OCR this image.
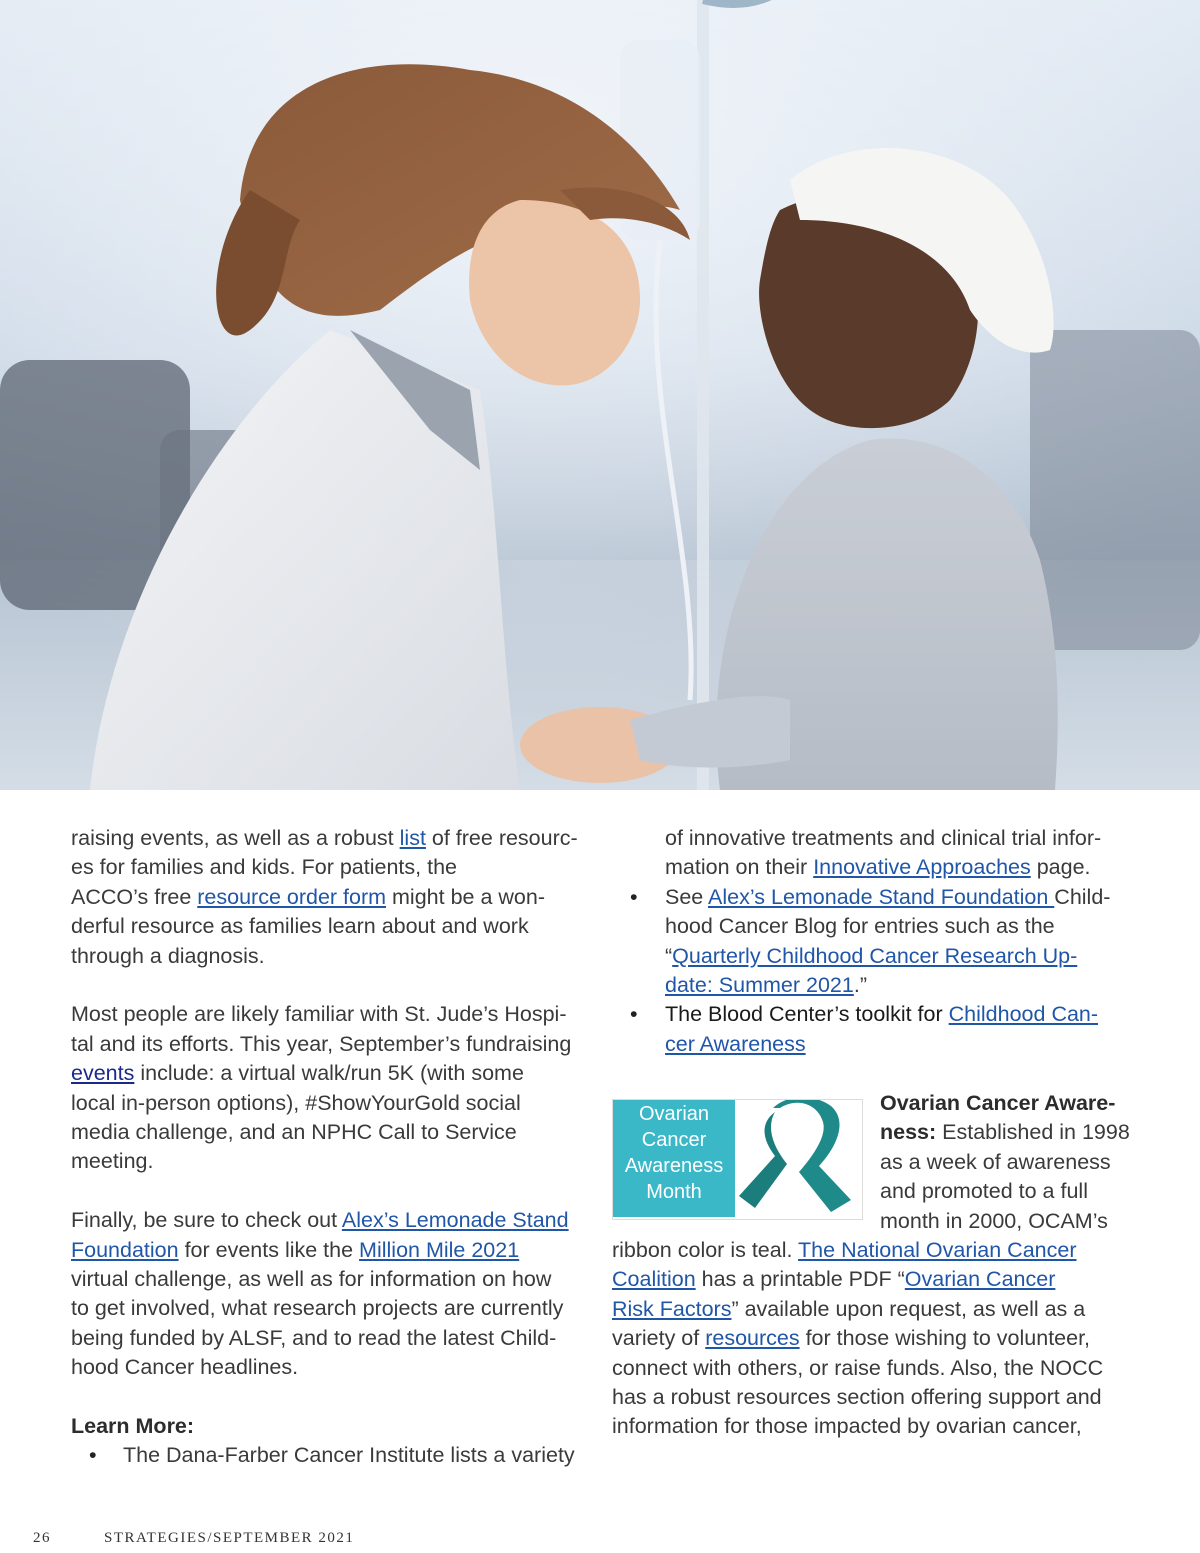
raising events, as well as a robust list of free resourc-
es for families and kids. For patients, the
ACCO’s free resource order form might be a won-
derful resource as families learn about and work
through a diagnosis.

Most people are likely familiar with St. Jude’s Hospi-
tal and its efforts. This year, September’s fundraising
events include: a virtual walk/run 5K (with some
local in-person options), #ShowYourGold social
media challenge, and an NPHC Call to Service
meeting.

Finally, be sure to check out Alex’s Lemonade Stand
Foundation for events like the Million Mile 2021
virtual challenge, as well as for information on how
to get involved, what research projects are currently
being funded by ALSF, and to read the latest Child-
hood Cancer headlines.

Learn More:
• The Dana-Farber Cancer Institute lists a variety

of innovative treatments and clinical trial infor-
mation on their Innovative Approaches page.
• See Alex’s Lemonade Stand Foundation Child-
hood Cancer Blog for entries such as the
“Quarterly Childhood Cancer Research Up-
date: Summer 2021.”
• The Blood Center’s toolkit for Childhood Can-
cer Awareness
Ovarian Cancer Aware-
ness: Established in 1998
as a week of awareness
and promoted to a full
month in 2000, OCAM’s
ribbon color is teal. The National Ovarian Cancer
Coalition has a printable PDF “Ovarian Cancer
Risk Factors” available upon request, as well as a
variety of resources for those wishing to volunteer,
connect with others, or raise funds. Also, the NOCC
has a robust resources section offering support and
information for those impacted by ovarian cancer,
+	Ovarian
Cancer
Awareness
Month
26	STRATEGIES/SEPTEMBER 2021
